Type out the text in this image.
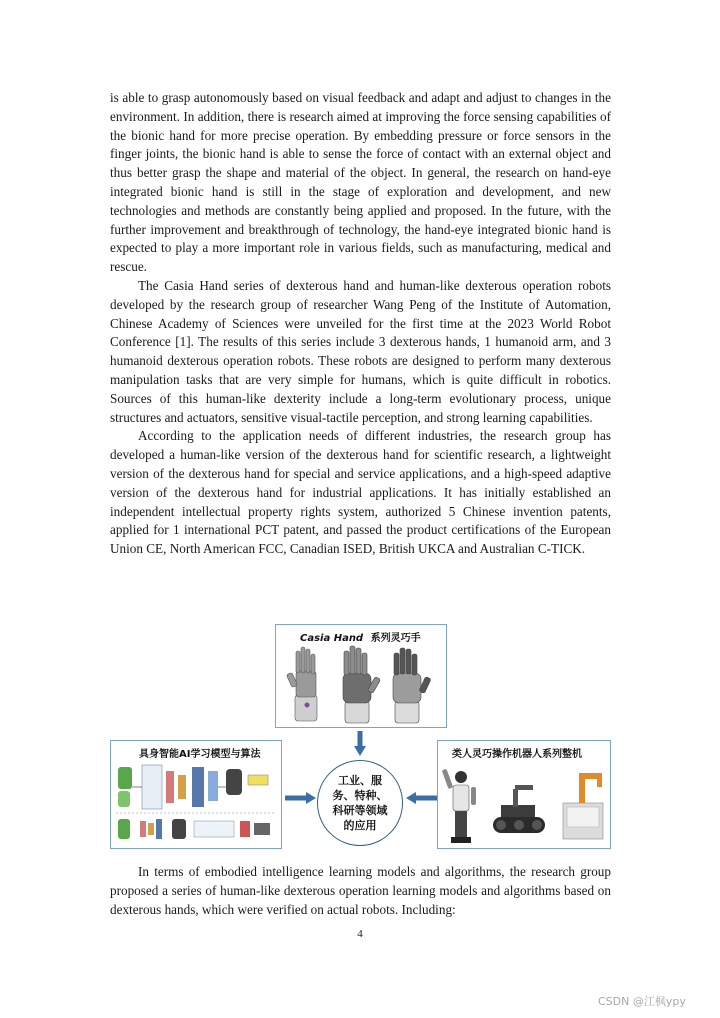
is able to grasp autonomously based on visual feedback and adapt and adjust to changes in the environment. In addition, there is research aimed at improving the force sensing capabilities of the bionic hand for more precise operation. By embedding pressure or force sensors in the finger joints, the bionic hand is able to sense the force of contact with an external object and thus better grasp the shape and material of the object. In general, the research on hand-eye integrated bionic hand is still in the stage of exploration and development, and new technologies and methods are constantly being applied and proposed. In the future, with the further improvement and breakthrough of technology, the hand-eye integrated bionic hand is expected to play a more important role in various fields, such as manufacturing, medical and rescue.

The Casia Hand series of dexterous hand and human-like dexterous operation robots developed by the research group of researcher Wang Peng of the Institute of Automation, Chinese Academy of Sciences were unveiled for the first time at the 2023 World Robot Conference [1]. The results of this series include 3 dexterous hands, 1 humanoid arm, and 3 humanoid dexterous operation robots. These robots are designed to perform many dexterous manipulation tasks that are very simple for humans, which is quite difficult in robotics. Sources of this human-like dexterity include a long-term evolutionary process, unique structures and actuators, sensitive visual-tactile perception, and strong learning capabilities.

According to the application needs of different industries, the research group has developed a human-like version of the dexterous hand for scientific research, a lightweight version of the dexterous hand for special and service applications, and a high-speed adaptive version of the dexterous hand for industrial applications. It has initially established an independent intellectual property rights system, authorized 5 Chinese invention patents, applied for 1 international PCT patent, and passed the product certifications of the European Union CE, North American FCC, Canadian ISED, British UKCA and Australian C-TICK.

Casia Hand 系列灵巧手
具身智能AI学习模型与算法
工业、服务、特种、科研等领域的应用
类人灵巧操作机器人系列整机

In terms of embodied intelligence learning models and algorithms, the research group proposed a series of human-like dexterous operation learning models and algorithms based on dexterous hands, which were verified on actual robots. Including:

4
CSDN @江枫ypy
